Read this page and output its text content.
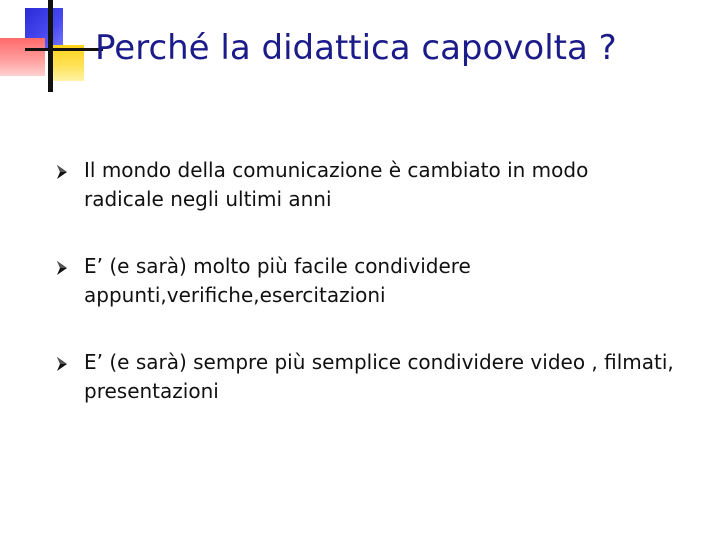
Perché la didattica capovolta ?

Il mondo della comunicazione è cambiato in modo radicale negli ultimi anni

E’ (e sarà) molto più facile condividere appunti,verifiche,esercitazioni

E’ (e sarà) sempre più semplice condividere video , filmati, presentazioni
